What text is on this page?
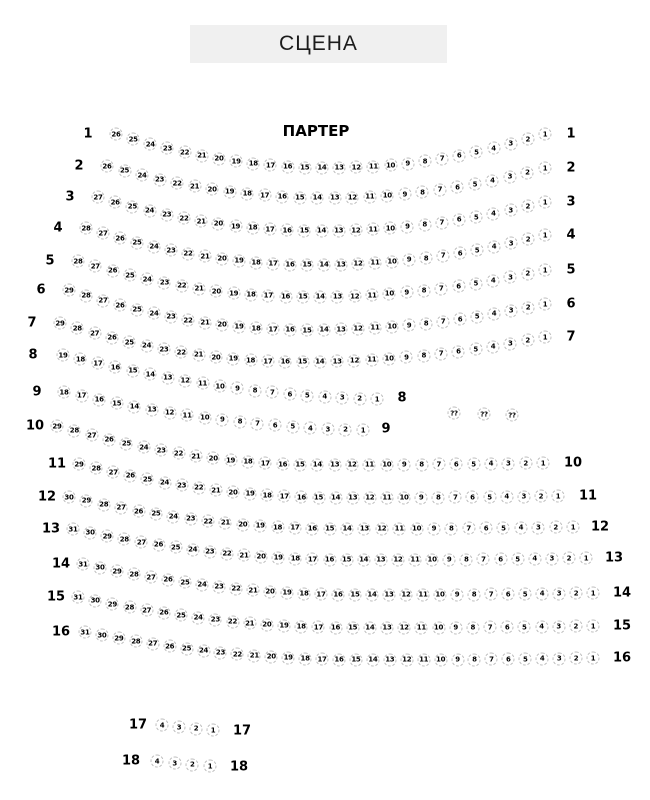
СЦЕНА
ПАРТЕР
1	1
26
25
24
23 22 21 20 19 18 17 16 15 14 13 12 11 10	9	8	7	6	5	4
3
2
1
2	2
26
25
24
23 22 21 20 19 18 17 16 15 14 13 12 11 10	9	8	7	6	5	4	3
2
1
3	3
27
26
25
24 23 22 21 20 19 18 17 16 15 14 13 12 11 10	9	8	7	6	5	4	3	2
1
4	4
28
27
26
25
24 23 22 21 20 19 18 17 16 15 14 13 12 11 10	9	8	7	6	5	4	3	2
1
5
5
28
27
26
25 24 23 22 21 20 19 18 17 16 15 14 13 12 11 10	9	8	7	6	5	4	3	2	1
6
6
29
28
27
26
25 24 23 22 21 20 19 18 17 16 15 14 13 12 11 10	9	8	7	6	5	4	3	2	1
7
7
29
28
27
26
25 24 23 22 21 20 19 18 17 16 15 14 13 12 11 10	9	8	7	6	5	4	3	2	1
8
8
19
18
17 16 15 14 13 12 11 10	9	8	7	6	5	4	3	2	1
9
9
18 17 16 15 14 13 12 11 10	9	8	7	6	5	4	3	2	1
10
10
29
28
27
26 25 24 23 22 21 20 19 18 17 16 15 14 13 12 11 10	9	8	7	6	5	4	3	2	1
11
11
29
28 27 26 25 24 23 22 21 20 19 18 17 16 15 14 13 12 11 10	9	8	7	6	5	4	3	2	1
12
12
30 29 28 27 26 25 24 23 22 21 20 19 18 17 16 15 14 13 12 11 10	9	8	7	6	5	4	3	2	1
13
13
31 30 29 28 27 26 25 24 23 22 21 20 19 18 17 16 15 14 13 12 11 10	9	8	7	6	5	4	3	2	1
14
14
31 30 29 28 27 26 25 24 23 22 21 20 19 18 17 16 15 14 13 12 11 10	9	8	7	6	5	4	3	2	1
15
15
31 30 29 28 27 26 25 24 23 22 21 20 19 18 17 16 15 14 13 12 11 10	9	8	7	6	5	4	3	2	1
16
16
31 30 29 28 27 26 25 24 23 22 21 20 19 18 17 16 15 14 13 12 11 10	9	8	7	6	5	4	3	2	1
17	17
4	3	2	1
18	18
4	3	2	1
??	??	??
